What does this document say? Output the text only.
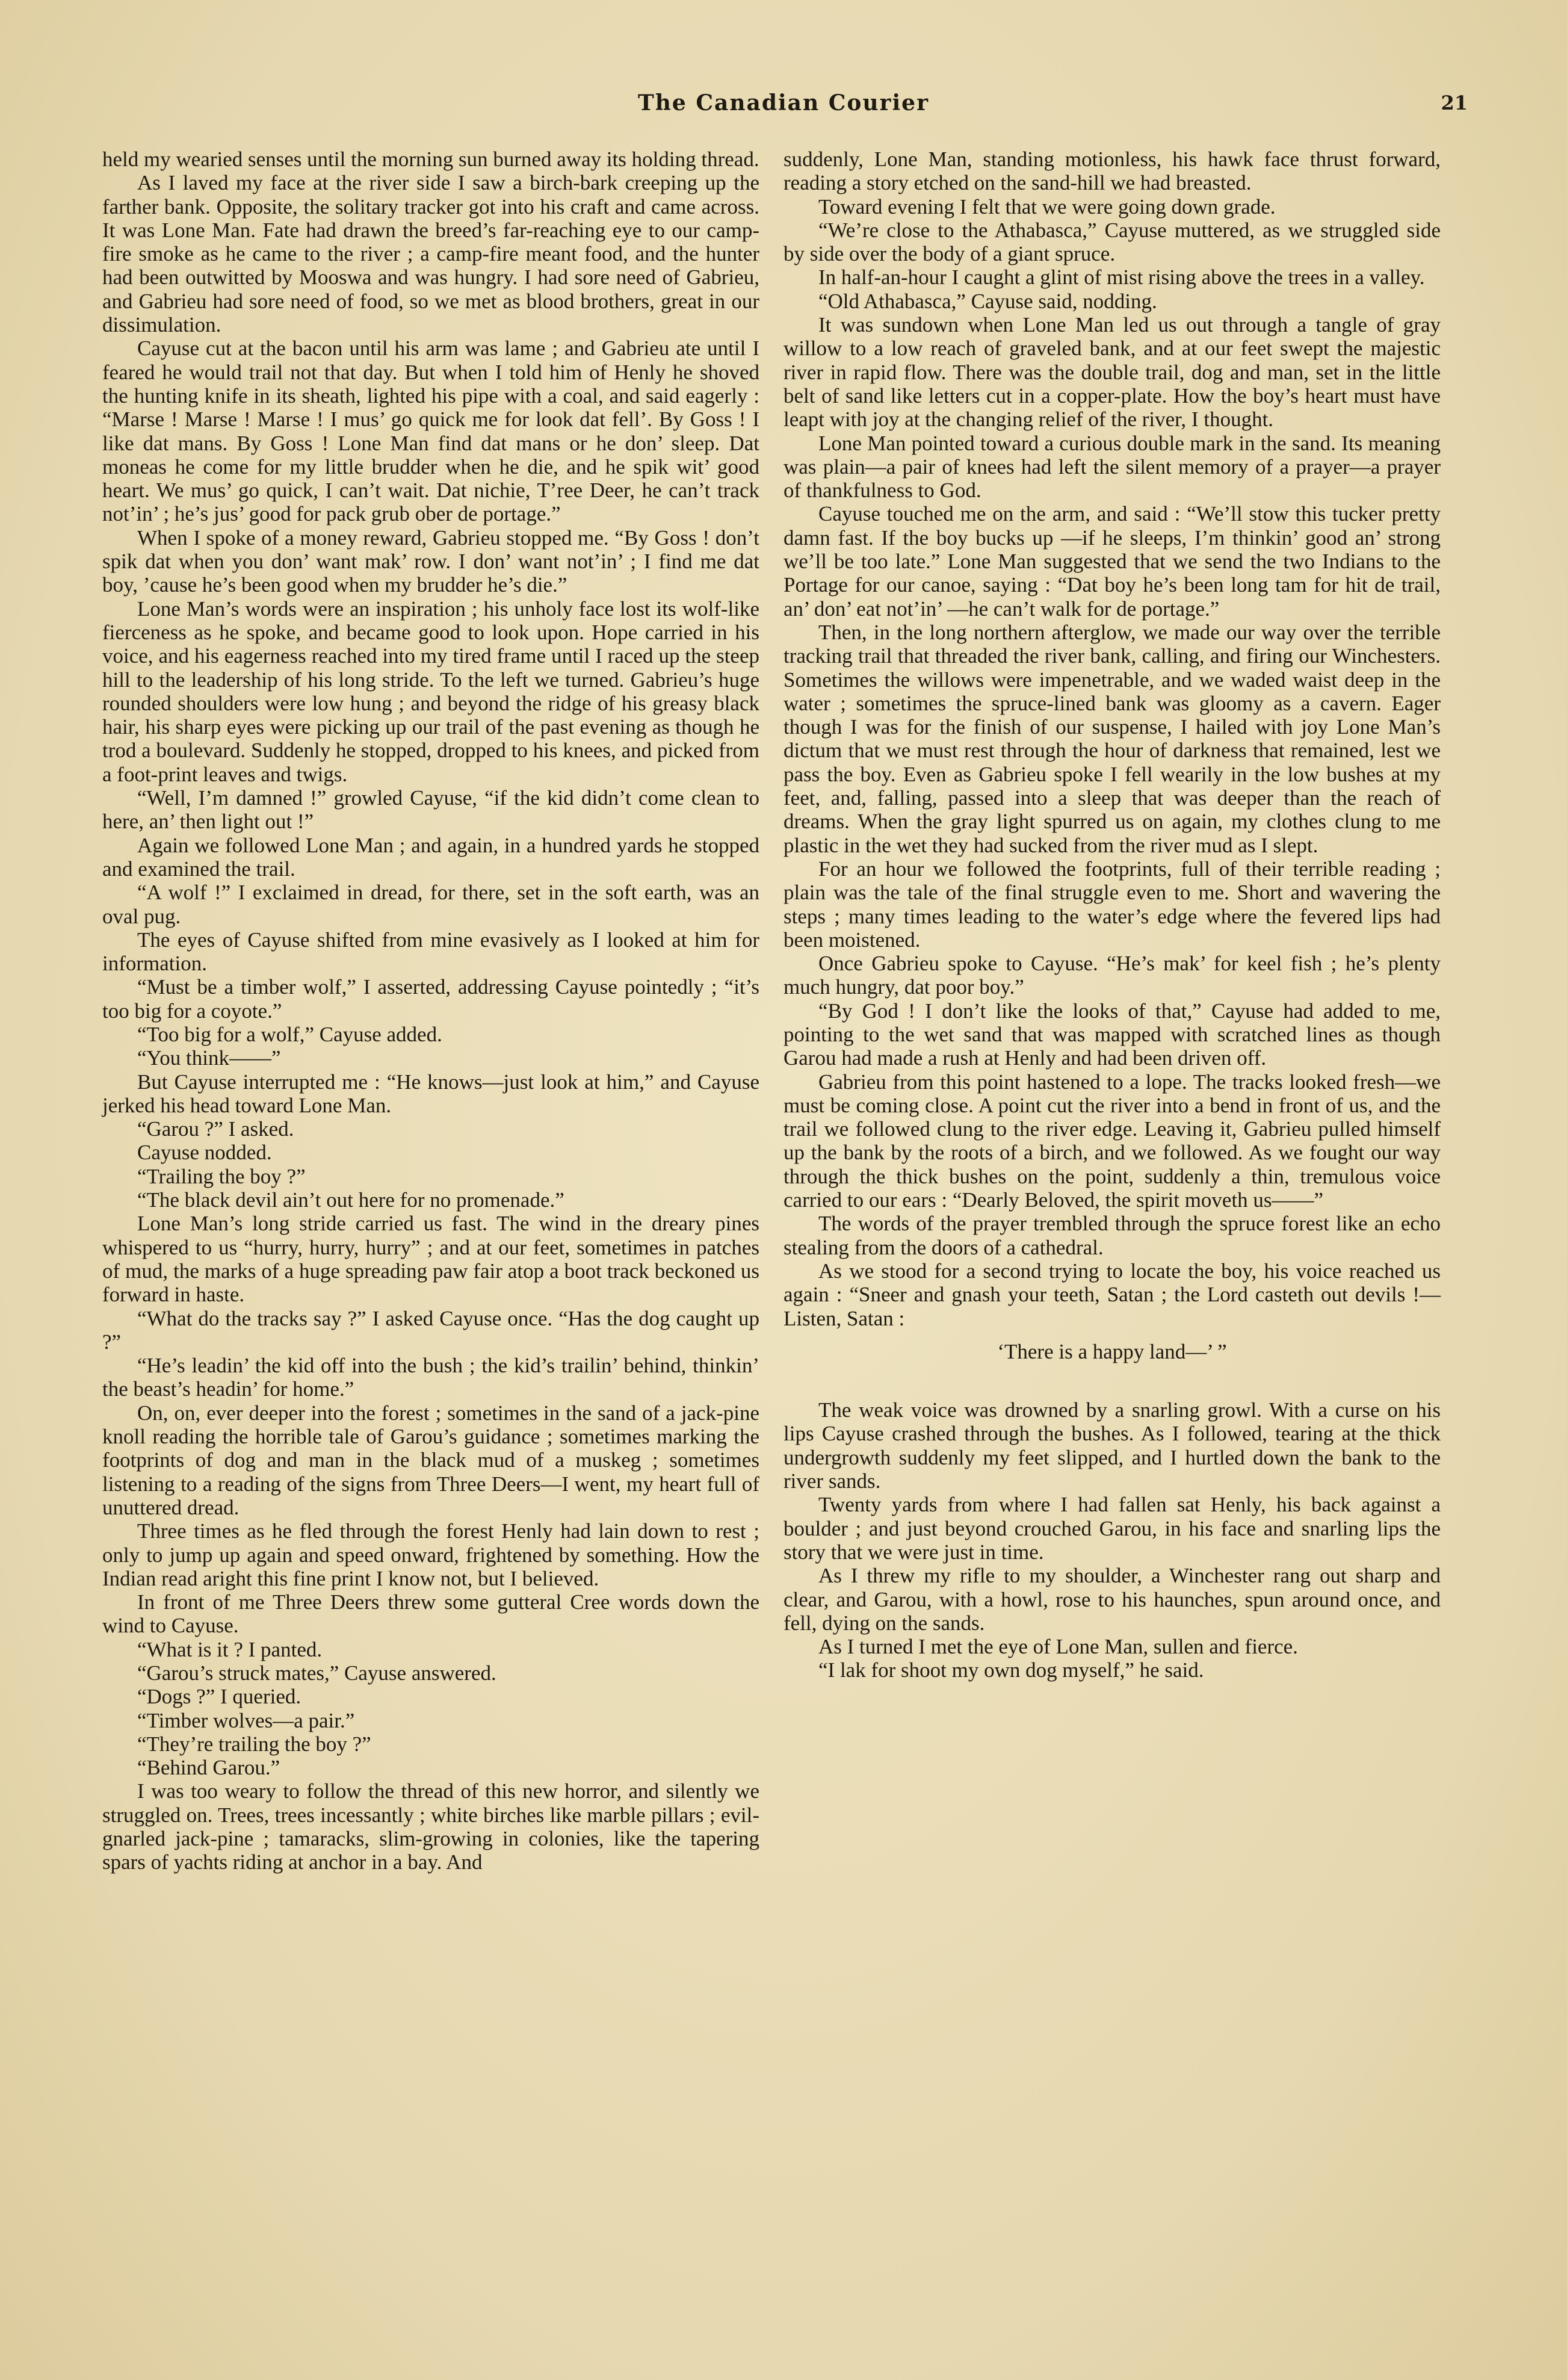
The Canadian Courier	21

held my wearied senses until the morning sun burned away its holding thread.

As I laved my face at the river side I saw a birch-bark creeping up the farther bank. Opposite, the solitary tracker got into his craft and came across. It was Lone Man. Fate had drawn the breed’s far-reaching eye to our camp-fire smoke as he came to the river ; a camp-fire meant food, and the hunter had been outwitted by Mooswa and was hungry. I had sore need of Gabrieu, and Gabrieu had sore need of food, so we met as blood brothers, great in our dissimulation.

Cayuse cut at the bacon until his arm was lame ; and Gabrieu ate until I feared he would trail not that day. But when I told him of Henly he shoved the hunting knife in its sheath, lighted his pipe with a coal, and said eagerly : “Marse ! Marse ! Marse ! I mus’ go quick me for look dat fell’. By Goss ! I like dat mans. By Goss ! Lone Man find dat mans or he don’ sleep. Dat moneas he come for my little brudder when he die, and he spik wit’ good heart. We mus’ go quick, I can’t wait. Dat nichie, T’ree Deer, he can’t track not’in’ ; he’s jus’ good for pack grub ober de portage.”

When I spoke of a money reward, Gabrieu stopped me. “By Goss ! don’t spik dat when you don’ want mak’ row. I don’ want not’in’ ; I find me dat boy, ’cause he’s been good when my brudder he’s die.”

Lone Man’s words were an inspiration ; his unholy face lost its wolf-like fierceness as he spoke, and became good to look upon. Hope carried in his voice, and his eagerness reached into my tired frame until I raced up the steep hill to the leadership of his long stride. To the left we turned. Gabrieu’s huge rounded shoulders were low hung ; and beyond the ridge of his greasy black hair, his sharp eyes were picking up our trail of the past evening as though he trod a boulevard. Suddenly he stopped, dropped to his knees, and picked from a foot-print leaves and twigs.

“Well, I’m damned !” growled Cayuse, “if the kid didn’t come clean to here, an’ then light out !”

Again we followed Lone Man ; and again, in a hundred yards he stopped and examined the trail.

“A wolf !” I exclaimed in dread, for there, set in the soft earth, was an oval pug.

The eyes of Cayuse shifted from mine evasively as I looked at him for information.

“Must be a timber wolf,” I asserted, addressing Cayuse pointedly ; “it’s too big for a coyote.”

“Too big for a wolf,” Cayuse added.

“You think——”

But Cayuse interrupted me : “He knows—just look at him,” and Cayuse jerked his head toward Lone Man.

“Garou ?” I asked.

Cayuse nodded.

“Trailing the boy ?”

“The black devil ain’t out here for no promenade.”

Lone Man’s long stride carried us fast. The wind in the dreary pines whispered to us “hurry, hurry, hurry” ; and at our feet, sometimes in patches of mud, the marks of a huge spreading paw fair atop a boot track beckoned us forward in haste.

“What do the tracks say ?” I asked Cayuse once. “Has the dog caught up ?”

“He’s leadin’ the kid off into the bush ; the kid’s trailin’ behind, thinkin’ the beast’s headin’ for home.”

On, on, ever deeper into the forest ; sometimes in the sand of a jack-pine knoll reading the horrible tale of Garou’s guidance ; sometimes marking the footprints of dog and man in the black mud of a muskeg ; sometimes listening to a reading of the signs from Three Deers—I went, my heart full of unuttered dread.

Three times as he fled through the forest Henly had lain down to rest ; only to jump up again and speed onward, frightened by something. How the Indian read aright this fine print I know not, but I believed.

In front of me Three Deers threw some gutteral Cree words down the wind to Cayuse.

“What is it ? I panted.

“Garou’s struck mates,” Cayuse answered.

“Dogs ?” I queried.

“Timber wolves—a pair.”

“They’re trailing the boy ?”

“Behind Garou.”

I was too weary to follow the thread of this new horror, and silently we struggled on. Trees, trees incessantly ; white birches like marble pillars ; evil-gnarled jack-pine ; tamaracks, slim-growing in colonies, like the tapering spars of yachts riding at anchor in a bay. And

suddenly, Lone Man, standing motionless, his hawk face thrust forward, reading a story etched on the sand-hill we had breasted.

Toward evening I felt that we were going down grade.

“We’re close to the Athabasca,” Cayuse muttered, as we struggled side by side over the body of a giant spruce.

In half-an-hour I caught a glint of mist rising above the trees in a valley.

“Old Athabasca,” Cayuse said, nodding.

It was sundown when Lone Man led us out through a tangle of gray willow to a low reach of graveled bank, and at our feet swept the majestic river in rapid flow. There was the double trail, dog and man, set in the little belt of sand like letters cut in a copper-plate. How the boy’s heart must have leapt with joy at the changing relief of the river, I thought.

Lone Man pointed toward a curious double mark in the sand. Its meaning was plain—a pair of knees had left the silent memory of a prayer—a prayer of thankfulness to God.

Cayuse touched me on the arm, and said : “We’ll stow this tucker pretty damn fast. If the boy bucks up —if he sleeps, I’m thinkin’ good an’ strong we’ll be too late.” Lone Man suggested that we send the two Indians to the Portage for our canoe, saying : “Dat boy he’s been long tam for hit de trail, an’ don’ eat not’in’ —he can’t walk for de portage.”

Then, in the long northern afterglow, we made our way over the terrible tracking trail that threaded the river bank, calling, and firing our Winchesters. Sometimes the willows were impenetrable, and we waded waist deep in the water ; sometimes the spruce-lined bank was gloomy as a cavern. Eager though I was for the finish of our suspense, I hailed with joy Lone Man’s dictum that we must rest through the hour of darkness that remained, lest we pass the boy. Even as Gabrieu spoke I fell wearily in the low bushes at my feet, and, falling, passed into a sleep that was deeper than the reach of dreams. When the gray light spurred us on again, my clothes clung to me plastic in the wet they had sucked from the river mud as I slept.

For an hour we followed the footprints, full of their terrible reading ; plain was the tale of the final struggle even to me. Short and wavering the steps ; many times leading to the water’s edge where the fevered lips had been moistened.

Once Gabrieu spoke to Cayuse. “He’s mak’ for keel fish ; he’s plenty much hungry, dat poor boy.”

“By God ! I don’t like the looks of that,” Cayuse had added to me, pointing to the wet sand that was mapped with scratched lines as though Garou had made a rush at Henly and had been driven off.

Gabrieu from this point hastened to a lope. The tracks looked fresh—we must be coming close. A point cut the river into a bend in front of us, and the trail we followed clung to the river edge. Leaving it, Gabrieu pulled himself up the bank by the roots of a birch, and we followed. As we fought our way through the thick bushes on the point, suddenly a thin, tremulous voice carried to our ears : “Dearly Beloved, the spirit moveth us——”

The words of the prayer trembled through the spruce forest like an echo stealing from the doors of a cathedral.

As we stood for a second trying to locate the boy, his voice reached us again : “Sneer and gnash your teeth, Satan ; the Lord casteth out devils !—Listen, Satan :

‘There is a happy land—’ ”

The weak voice was drowned by a snarling growl. With a curse on his lips Cayuse crashed through the bushes. As I followed, tearing at the thick undergrowth suddenly my feet slipped, and I hurtled down the bank to the river sands.

Twenty yards from where I had fallen sat Henly, his back against a boulder ; and just beyond crouched Garou, in his face and snarling lips the story that we were just in time.

As I threw my rifle to my shoulder, a Winchester rang out sharp and clear, and Garou, with a howl, rose to his haunches, spun around once, and fell, dying on the sands.

As I turned I met the eye of Lone Man, sullen and fierce.

“I lak for shoot my own dog myself,” he said.
